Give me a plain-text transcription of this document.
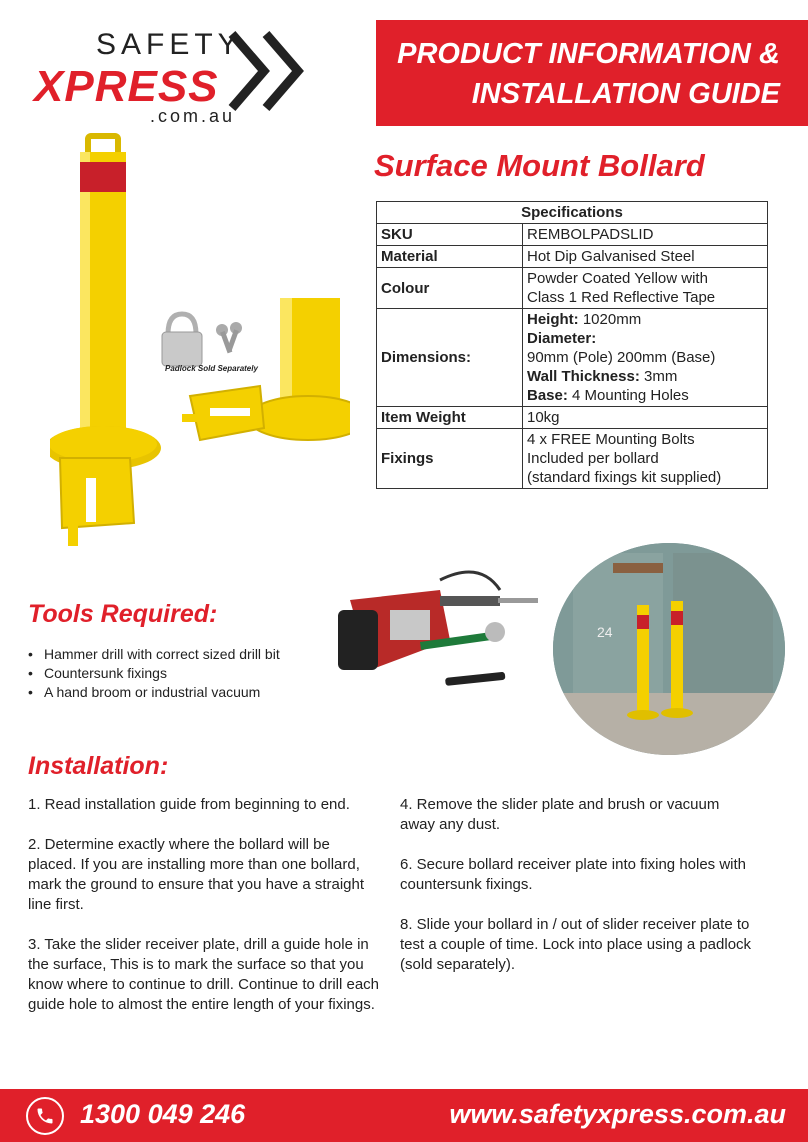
SAFETY
XPRESS
.com.au
PRODUCT INFORMATION &
INSTALLATION GUIDE
Padlock Sold Separately
Surface Mount Bollard
Specifications	
SKU	REMBOLPADSLID
Material	Hot Dip Galvanised Steel
Colour	Powder Coated Yellow with
Class 1 Red Reflective Tape

Dimensions:	Height: 1020mm
Diameter:
90mm (Pole) 200mm (Base)
Wall Thickness: 3mm
Base: 4 Mounting Holes

Item Weight	10kg
Fixings	4 x FREE Mounting Bolts
Included per bollard
(standard fixings kit supplied)
24
Tools Required:
• Hammer drill with correct sized drill bit
• Countersunk fixings
• A hand broom or industrial vacuum
Installation:

1. Read installation guide from beginning to end.

2. Determine exactly where the bollard will be placed. If you are installing more than one bollard, mark the ground to ensure that you have a straight line first.

3. Take the slider receiver plate, drill a guide hole in the surface, This is to mark the surface so that you know where to continue to drill. Continue to drill each guide hole to almost the entire length of your fixings.

4. Remove the slider plate and brush or vacuum away any dust.

6. Secure bollard receiver plate into fixing holes with countersunk fixings.

8. Slide your bollard in / out of slider receiver plate to test a couple of time. Lock into place using a padlock (sold separately).

1300 049 246	www.safetyxpress.com.au
